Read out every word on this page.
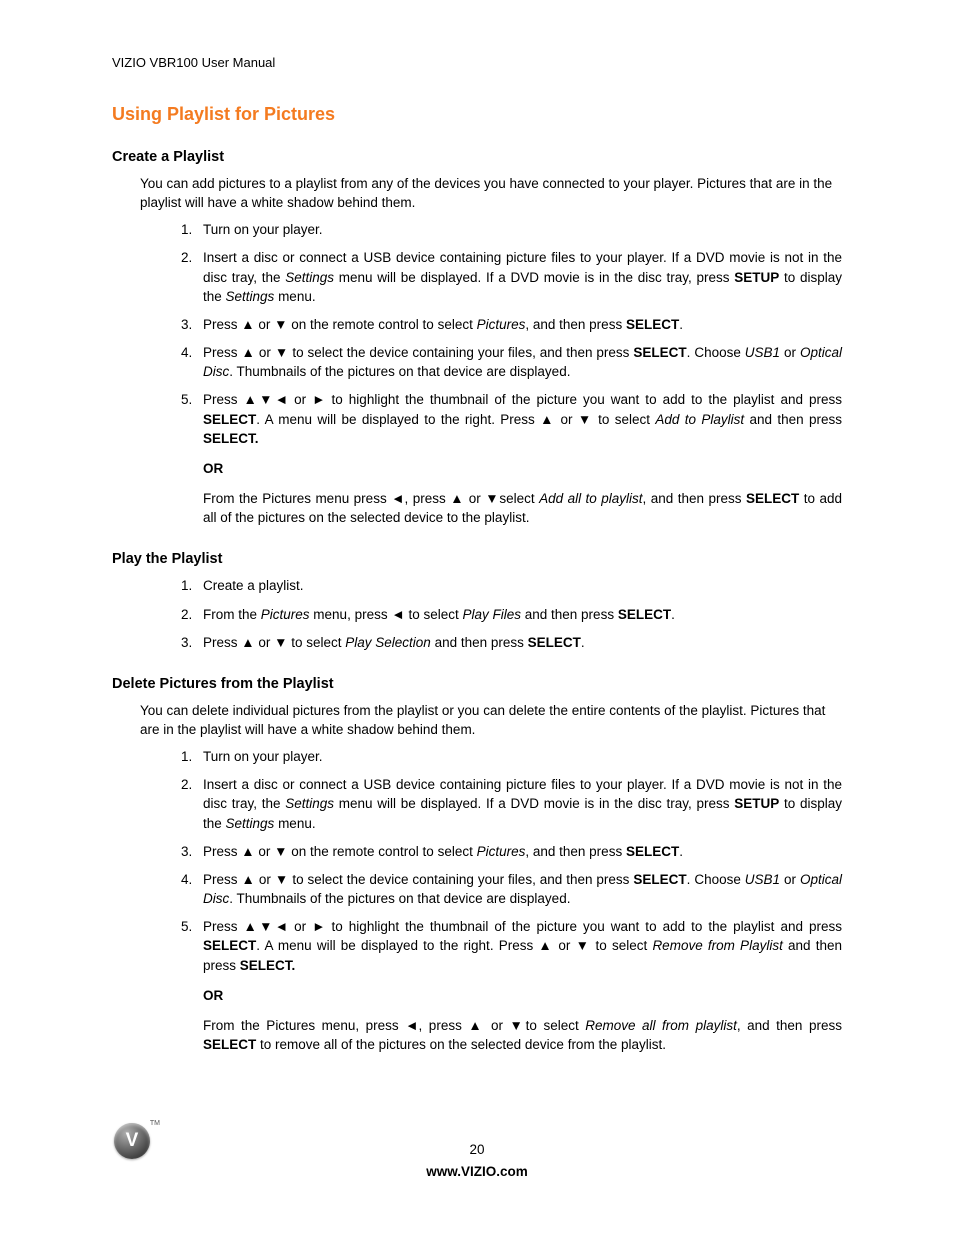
VIZIO VBR100 User Manual
Using Playlist for Pictures
Create a Playlist

You can add pictures to a playlist from any of the devices you have connected to your player. Pictures that are in the playlist will have a white shadow behind them.

1. Turn on your player.

2. Insert a disc or connect a USB device containing picture files to your player. If a DVD movie is not in the disc tray, the Settings menu will be displayed. If a DVD movie is in the disc tray, press SETUP to display the Settings menu.

3. Press ▲ or ▼ on the remote control to select Pictures, and then press SELECT.

4. Press ▲ or ▼ to select the device containing your files, and then press SELECT. Choose USB1 or Optical Disc. Thumbnails of the pictures on that device are displayed.

5. Press ▲▼◄ or ► to highlight the thumbnail of the picture you want to add to the playlist and press SELECT. A menu will be displayed to the right. Press ▲ or ▼ to select Add to Playlist and then press SELECT.

OR

From the Pictures menu press ◄, press ▲ or ▼select Add all to playlist, and then press SELECT to add all of the pictures on the selected device to the playlist.

Play the Playlist

1. Create a playlist.

2. From the Pictures menu, press ◄ to select Play Files and then press SELECT.

3. Press ▲ or ▼ to select Play Selection and then press SELECT.

Delete Pictures from the Playlist

You can delete individual pictures from the playlist or you can delete the entire contents of the playlist. Pictures that are in the playlist will have a white shadow behind them.

1. Turn on your player.

2. Insert a disc or connect a USB device containing picture files to your player. If a DVD movie is not in the disc tray, the Settings menu will be displayed. If a DVD movie is in the disc tray, press SETUP to display the Settings menu.

3. Press ▲ or ▼ on the remote control to select Pictures, and then press SELECT.

4. Press ▲ or ▼ to select the device containing your files, and then press SELECT. Choose USB1 or Optical Disc. Thumbnails of the pictures on that device are displayed.

5. Press ▲▼◄ or ► to highlight the thumbnail of the picture you want to add to the playlist and press SELECT. A menu will be displayed to the right. Press ▲ or ▼ to select Remove from Playlist and then press SELECT.

OR

From the Pictures menu, press ◄, press ▲ or ▼to select Remove all from playlist, and then press SELECT to remove all of the pictures on the selected device from the playlist.

V
TM
20
www.VIZIO.com
